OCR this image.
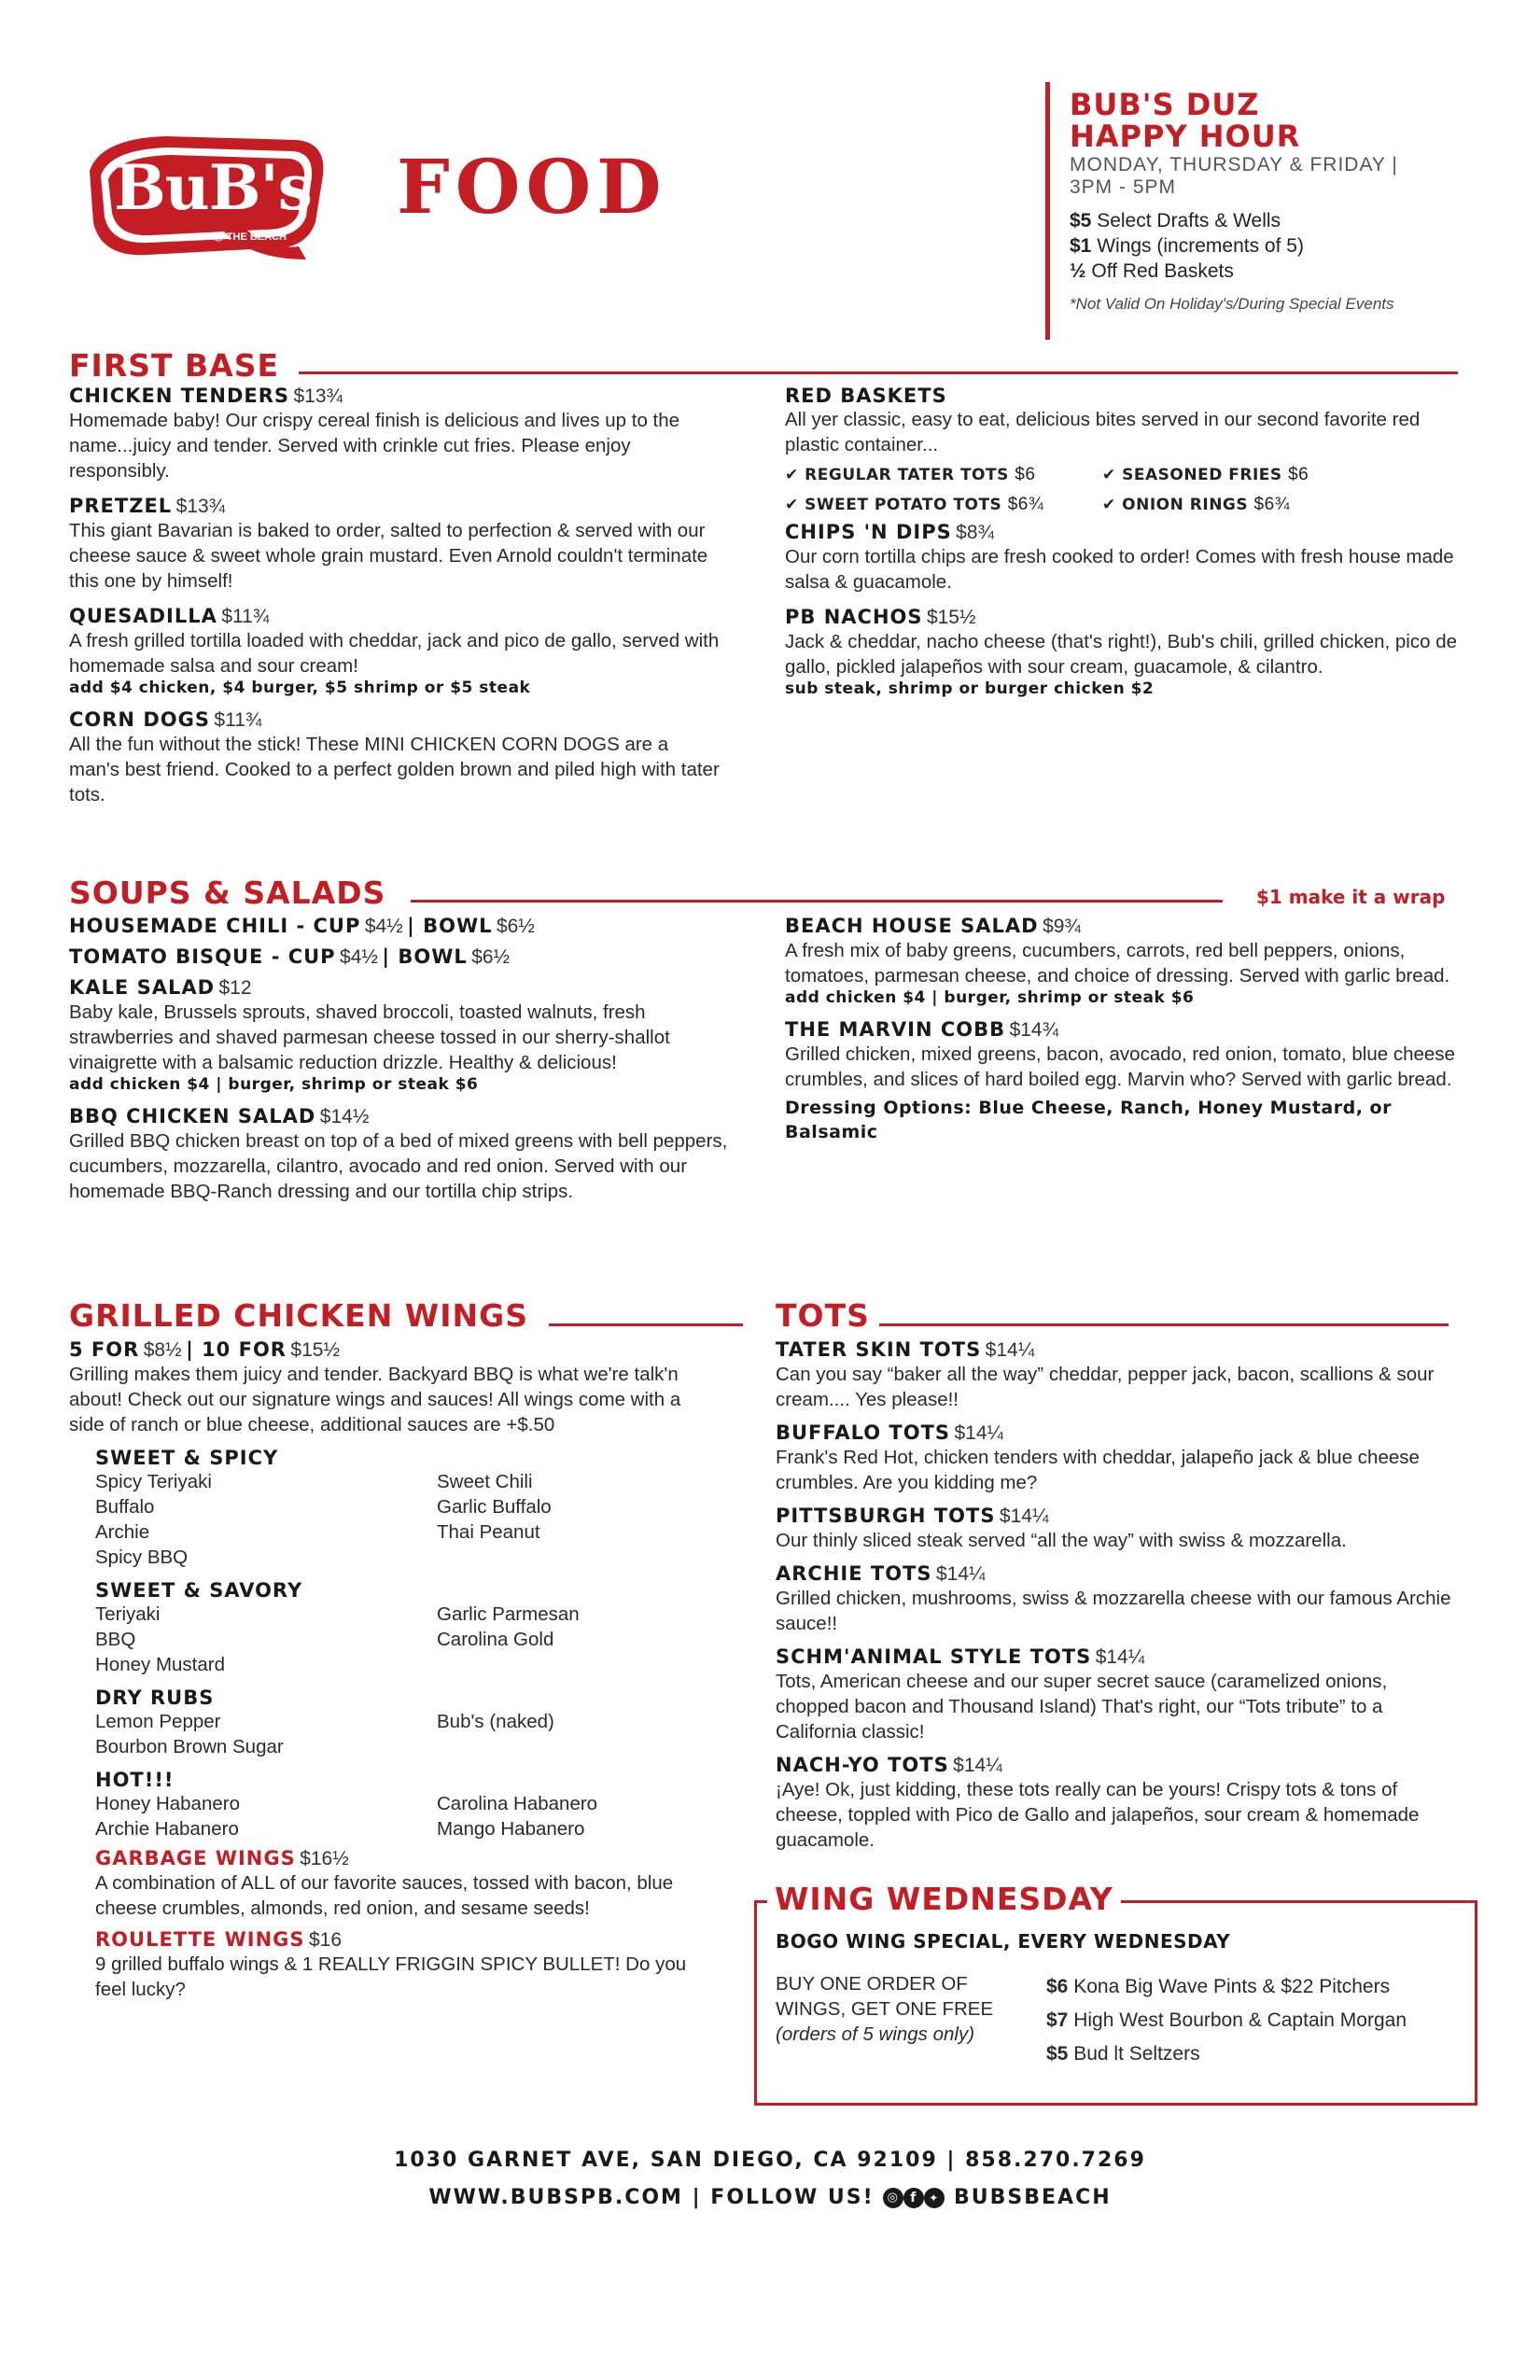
BuB's
@ THE BEACH
FOOD
BUB'S DUZ
HAPPY HOUR
MONDAY, THURSDAY & FRIDAY |
3PM - 5PM
$5 Select Drafts & Wells
$1 Wings (increments of 5)
½ Off Red Baskets
*Not Valid On Holiday's/During Special Events
FIRST BASE
CHICKEN TENDERS $13¾
Homemade baby! Our crispy cereal finish is delicious and lives up to the name...juicy and tender. Served with crinkle cut fries. Please enjoy responsibly.
PRETZEL $13¾
This giant Bavarian is baked to order, salted to perfection & served with our cheese sauce & sweet whole grain mustard. Even Arnold couldn't terminate this one by himself!
QUESADILLA $11¾
A fresh grilled tortilla loaded with cheddar, jack and pico de gallo, served with homemade salsa and sour cream!
add $4 chicken, $4 burger, $5 shrimp or $5 steak
CORN DOGS $11¾
All the fun without the stick! These MINI CHICKEN CORN DOGS are a man's best friend. Cooked to a perfect golden brown and piled high with tater tots.
RED BASKETS
All yer classic, easy to eat, delicious bites served in our second favorite red plastic container...
✔ REGULAR TATER TOTS $6	✔ SEASONED FRIES $6
✔ SWEET POTATO TOTS $6¾	✔ ONION RINGS $6¾
CHIPS 'N DIPS $8¾
Our corn tortilla chips are fresh cooked to order! Comes with fresh house made salsa & guacamole.
PB NACHOS $15½
Jack & cheddar, nacho cheese (that's right!), Bub's chili, grilled chicken, pico de gallo, pickled jalapeños with sour cream, guacamole, & cilantro.
sub steak, shrimp or burger chicken $2
SOUPS & SALADS	$1 make it a wrap
HOUSEMADE CHILI - CUP $4½ | BOWL $6½
TOMATO BISQUE - CUP $4½ | BOWL $6½
KALE SALAD $12
Baby kale, Brussels sprouts, shaved broccoli, toasted walnuts, fresh strawberries and shaved parmesan cheese tossed in our sherry-shallot vinaigrette with a balsamic reduction drizzle. Healthy & delicious!
add chicken $4 | burger, shrimp or steak $6
BBQ CHICKEN SALAD $14½
Grilled BBQ chicken breast on top of a bed of mixed greens with bell peppers, cucumbers, mozzarella, cilantro, avocado and red onion. Served with our homemade BBQ-Ranch dressing and our tortilla chip strips.
BEACH HOUSE SALAD $9¾
A fresh mix of baby greens, cucumbers, carrots, red bell peppers, onions, tomatoes, parmesan cheese, and choice of dressing. Served with garlic bread.
add chicken $4 | burger, shrimp or steak $6
THE MARVIN COBB $14¾
Grilled chicken, mixed greens, bacon, avocado, red onion, tomato, blue cheese crumbles, and slices of hard boiled egg. Marvin who? Served with garlic bread.
Dressing Options: Blue Cheese, Ranch, Honey Mustard, or Balsamic
GRILLED CHICKEN WINGS
5 FOR $8½ | 10 FOR $15½
Grilling makes them juicy and tender. Backyard BBQ is what we're talk'n about! Check out our signature wings and sauces! All wings come with a side of ranch or blue cheese, additional sauces are +$.50
SWEET & SPICY
Spicy Teriyaki	Sweet Chili
Buffalo	Garlic Buffalo
Archie	Thai Peanut
Spicy BBQ
SWEET & SAVORY
Teriyaki	Garlic Parmesan
BBQ	Carolina Gold
Honey Mustard
DRY RUBS
Lemon Pepper	Bub's (naked)
Bourbon Brown Sugar
HOT!!!
Honey Habanero	Carolina Habanero
Archie Habanero	Mango Habanero
GARBAGE WINGS $16½
A combination of ALL of our favorite sauces, tossed with bacon, blue cheese crumbles, almonds, red onion, and sesame seeds!
ROULETTE WINGS $16
9 grilled buffalo wings & 1 REALLY FRIGGIN SPICY BULLET! Do you feel lucky?
TOTS
TATER SKIN TOTS $14¼
Can you say “baker all the way” cheddar, pepper jack, bacon, scallions & sour cream.... Yes please!!
BUFFALO TOTS $14¼
Frank's Red Hot, chicken tenders with cheddar, jalapeño jack & blue cheese crumbles. Are you kidding me?
PITTSBURGH TOTS $14¼
Our thinly sliced steak served “all the way” with swiss & mozzarella.
ARCHIE TOTS $14¼
Grilled chicken, mushrooms, swiss & mozzarella cheese with our famous Archie sauce!!
SCHM'ANIMAL STYLE TOTS $14¼
Tots, American cheese and our super secret sauce (caramelized onions, chopped bacon and Thousand Island) That's right, our “Tots tribute” to a California classic!
NACH-YO TOTS $14¼
¡Aye! Ok, just kidding, these tots really can be yours! Crispy tots & tons of cheese, toppled with Pico de Gallo and jalapeños, sour cream & homemade guacamole.
WING WEDNESDAY
BOGO WING SPECIAL, EVERY WEDNESDAY
BUY ONE ORDER OF
WINGS, GET ONE FREE
(orders of 5 wings only)
$6 Kona Big Wave Pints & $22 Pitchers
$7 High West Bourbon & Captain Morgan
$5 Bud lt Seltzers
1030 GARNET AVE, SAN DIEGO, CA 92109 | 858.270.7269
WWW.BUBSPB.COM | FOLLOW US! ◎ f ✦ BUBSBEACH
